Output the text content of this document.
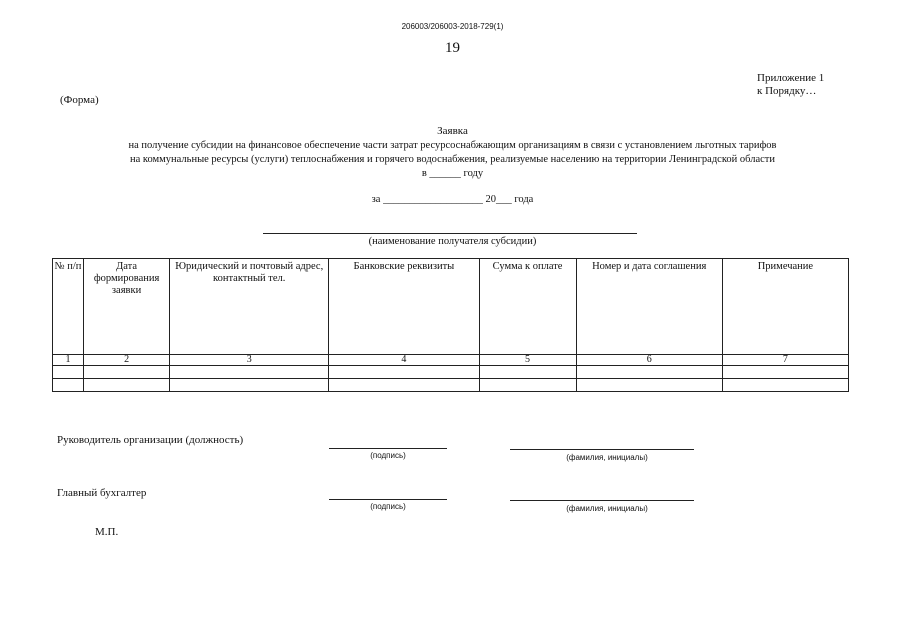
206003/206003-2018-729(1)
19
Приложение 1
к Порядку…
(Форма)
Заявка
на получение субсидии на финансовое обеспечение части затрат ресурсоснабжающим организациям в связи с установлением льготных тарифов
на коммунальные ресурсы (услуги) теплоснабжения и горячего водоснабжения, реализуемые населению на территории Ленинградской области
в ______ году
за ___________________ 20___ года
(наименование получателя субсидии)
№ п/п	Дата формирования заявки	Юридический и почтовый адрес, контактный тел.	Банковские реквизиты	Сумма к оплате	Номер и дата соглашения	Примечание
1	2	3	4	5	6	7

Руководитель организации (должность)
(подпись)	(фамилия, инициалы)
Главный бухгалтер
(подпись)	(фамилия, инициалы)
М.П.
